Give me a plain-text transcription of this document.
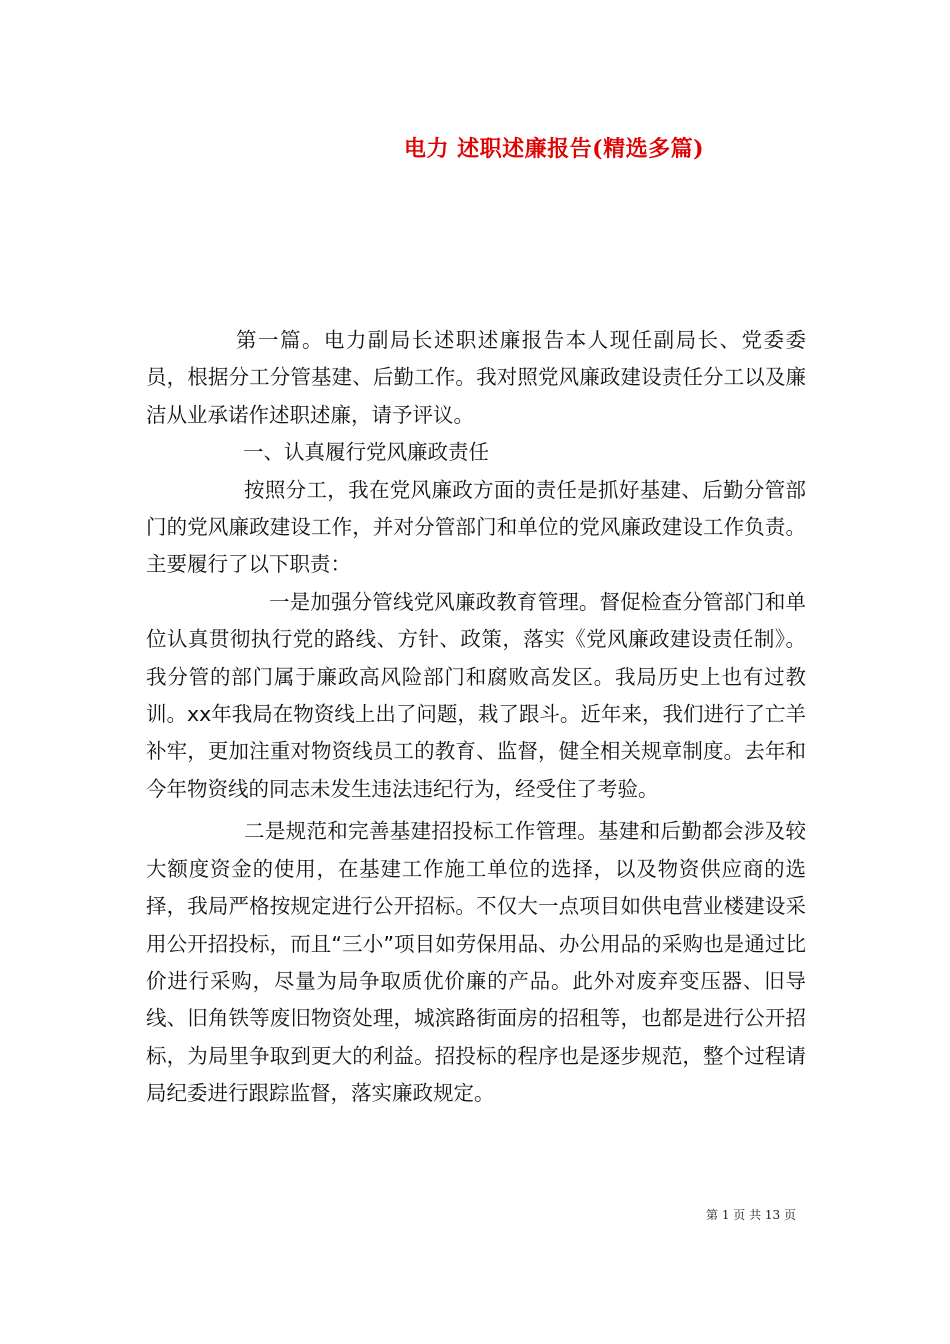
电力 述职述廉报告(精选多篇)

第一篇。电力副局长述职述廉报告本人现任副局长、党委委员，根据分工分管基建、后勤工作。我对照党风廉政建设责任分工以及廉洁从业承诺作述职述廉，请予评议。

一、认真履行党风廉政责任

按照分工，我在党风廉政方面的责任是抓好基建、后勤分管部门的党风廉政建设工作，并对分管部门和单位的党风廉政建设工作负责。主要履行了以下职责：

一是加强分管线党风廉政教育管理。督促检查分管部门和单位认真贯彻执行党的路线、方针、政策，落实《党风廉政建设责任制》。我分管的部门属于廉政高风险部门和腐败高发区。我局历史上也有过教训。xx年我局在物资线上出了问题，栽了跟斗。近年来，我们进行了亡羊补牢，更加注重对物资线员工的教育、监督，健全相关规章制度。去年和今年物资线的同志未发生违法违纪行为，经受住了考验。

二是规范和完善基建招投标工作管理。基建和后勤都会涉及较大额度资金的使用，在基建工作施工单位的选择，以及物资供应商的选择，我局严格按规定进行公开招标。不仅大一点项目如供电营业楼建设采用公开招投标，而且“三小”项目如劳保用品、办公用品的采购也是通过比价进行采购，尽量为局争取质优价廉的产品。此外对废弃变压器、旧导线、旧角铁等废旧物资处理，城滨路街面房的招租等，也都是进行公开招标，为局里争取到更大的利益。招投标的程序也是逐步规范，整个过程请局纪委进行跟踪监督，落实廉政规定。

第 1 页 共 13 页
